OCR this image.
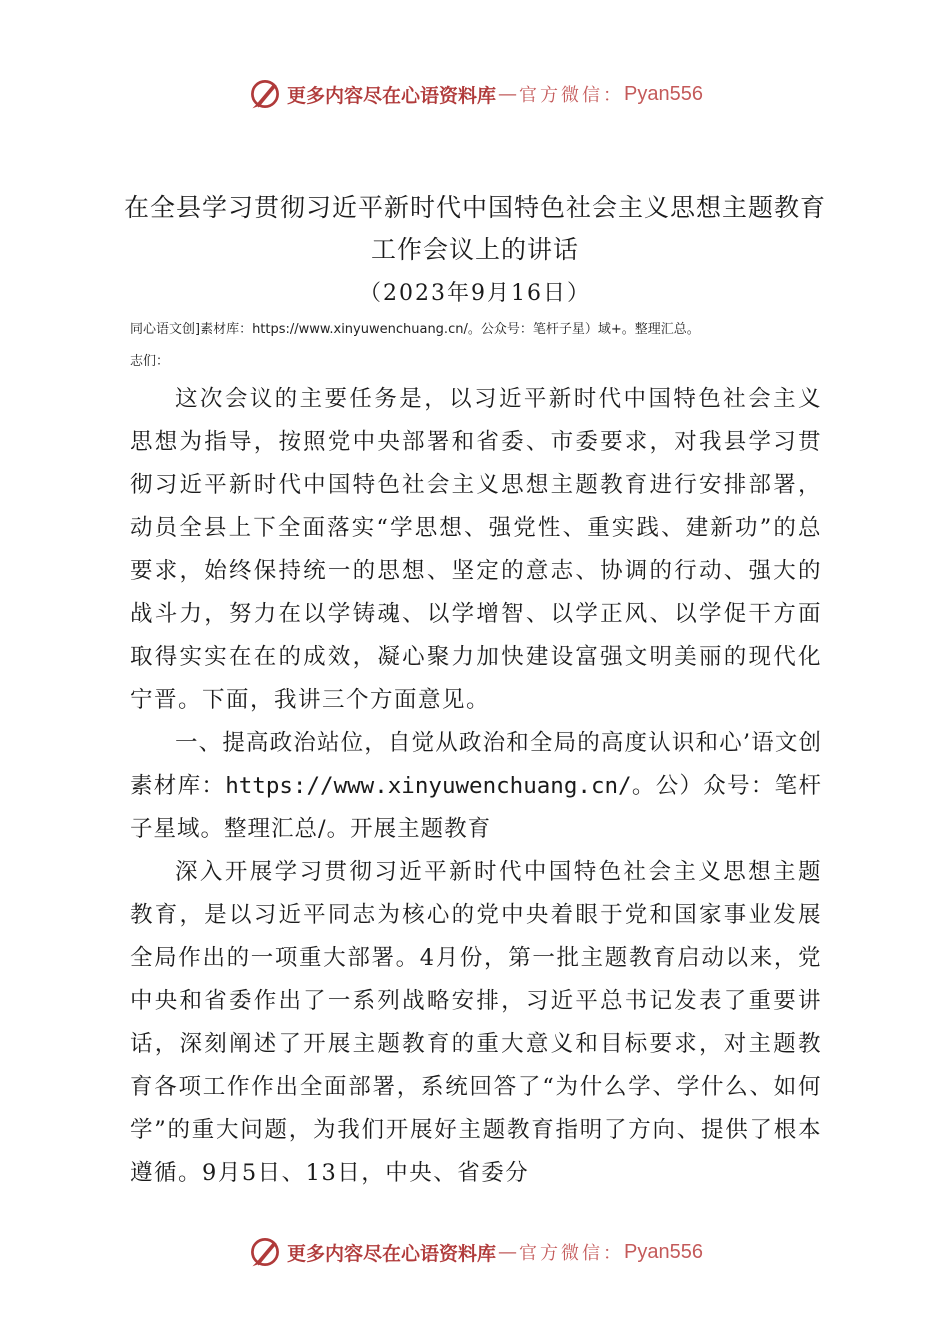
更多内容尽在心语资料库 — 官方微信： Pyan556
在全县学习贯彻习近平新时代中国特色社会主义思想主题教育
工作会议上的讲话
（2023年9月16日）
同心语文创]素材库：https://www.xinyuwenchuang.cn/。公众号：笔杆子星）域+。整理汇总。
志们：

这次会议的主要任务是，以习近平新时代中国特色社会主义思想为指导，按照党中央部署和省委、市委要求，对我县学习贯彻习近平新时代中国特色社会主义思想主题教育进行安排部署，动员全县上下全面落实“学思想、强党性、重实践、建新功”的总要求，始终保持统一的思想、坚定的意志、协调的行动、强大的战斗力，努力在以学铸魂、以学增智、以学正风、以学促干方面取得实实在在的成效，凝心聚力加快建设富强文明美丽的现代化宁晋。下面，我讲三个方面意见。

一、提高政治站位，自觉从政治和全局的高度认识和心’语文创素材库：https://www.xinyuwenchuang.cn/。公）众号：笔杆子星域。整理汇总/。开展主题教育

深入开展学习贯彻习近平新时代中国特色社会主义思想主题教育，是以习近平同志为核心的党中央着眼于党和国家事业发展全局作出的一项重大部署。4月份，第一批主题教育启动以来，党中央和省委作出了一系列战略安排，习近平总书记发表了重要讲话，深刻阐述了开展主题教育的重大意义和目标要求，对主题教育各项工作作出全面部署，系统回答了“为什么学、学什么、如何学”的重大问题，为我们开展好主题教育指明了方向、提供了根本遵循。9月5日、13日，中央、省委分

更多内容尽在心语资料库 — 官方微信： Pyan556
